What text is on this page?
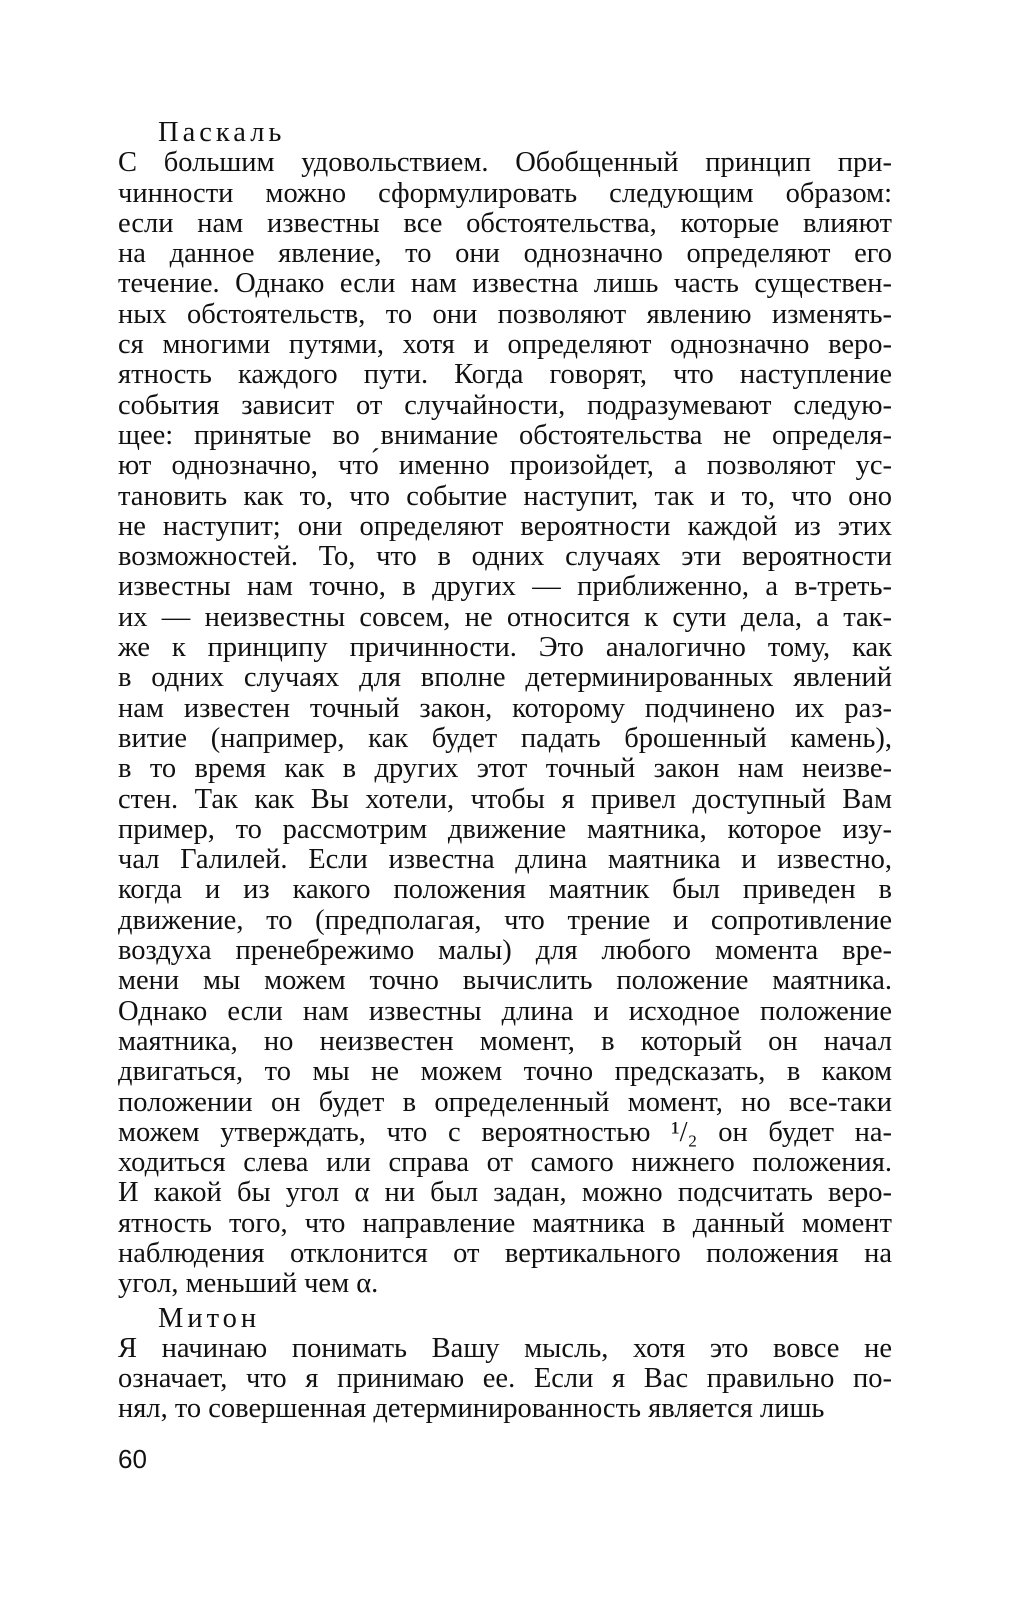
Паскаль
С большим удовольствием. Обобщенный принцип при-
чинности можно сформулировать следующим образом:
если нам известны все обстоятельства, которые влияют
на данное явление, то они однозначно определяют его
течение. Однако если нам известна лишь часть существен-
ных обстоятельств, то они позволяют явлению изменять-
ся многими путями, хотя и определяют однозначно веро-
ятность каждого пути. Когда говорят, что наступление
события зависит от случайности, подразумевают следую-
щее: принятые во внимание обстоятельства не определя-
ют однозначно, что́ именно произойдет, а позволяют ус-
тановить как то, что событие наступит, так и то, что оно
не наступит; они определяют вероятности каждой из этих
возможностей. То, что в одних случаях эти вероятности
известны нам точно, в других — приближенно, а в-треть-
их — неизвестны совсем, не относится к сути дела, а так-
же к принципу причинности. Это аналогично тому, как
в одних случаях для вполне детерминированных явлений
нам известен точный закон, которому подчинено их раз-
витие (например, как будет падать брошенный камень),
в то время как в других этот точный закон нам неизве-
стен. Так как Вы хотели, чтобы я привел доступный Вам
пример, то рассмотрим движение маятника, которое изу-
чал Галилей. Если известна длина маятника и известно,
когда и из какого положения маятник был приведен в
движение, то (предполагая, что трение и сопротивление
воздуха пренебрежимо малы) для любого момента вре-
мени мы можем точно вычислить положение маятника.
Однако если нам известны длина и исходное положение
маятника, но неизвестен момент, в который он начал
двигаться, то мы не можем точно предсказать, в каком
положении он будет в определенный момент, но все-таки
можем утверждать, что с вероятностью ¹/₂ он будет на-
ходиться слева или справа от самого нижнего положения.
И какой бы угол α ни был задан, можно подсчитать веро-
ятность того, что направление маятника в данный момент
наблюдения отклонится от вертикального положения на
угол, меньший чем α.
Митон
Я начинаю понимать Вашу мысль, хотя это вовсе не
означает, что я принимаю ее. Если я Вас правильно по-
нял, то совершенная детерминированность является лишь
60
